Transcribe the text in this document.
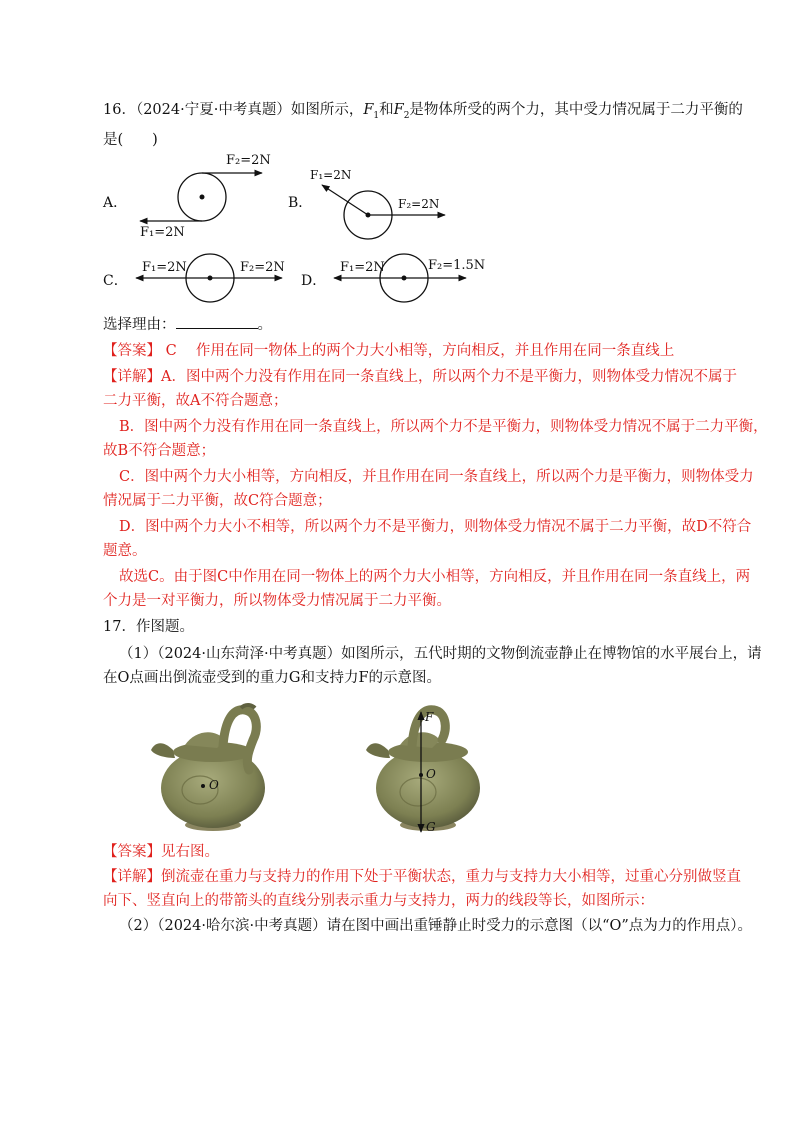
16．（2024·宁夏·中考真题）如图所示，$F_1$和$F_2$是物体所受的两个力，其中受力情况属于二力平衡的
是(　　)
A．
F₂=2N
F₁=2N
B．
F₁=2N
F₂=2N
C．
F₁=2N	F₂=2N
D．
F₁=2N	F₂=1.5N
选择理由：	。
【答案】 C　 作用在同一物体上的两个力大小相等，方向相反，并且作用在同一条直线上
【详解】A．图中两个力没有作用在同一条直线上，所以两个力不是平衡力，则物体受力情况不属于
二力平衡，故A不符合题意；
B．图中两个力没有作用在同一条直线上，所以两个力不是平衡力，则物体受力情况不属于二力平衡，
故B不符合题意；
C．图中两个力大小相等，方向相反，并且作用在同一条直线上，所以两个力是平衡力，则物体受力
情况属于二力平衡，故C符合题意；
D．图中两个力大小不相等，所以两个力不是平衡力，则物体受力情况不属于二力平衡，故D不符合
题意。
故选C。由于图C中作用在同一物体上的两个力大小相等，方向相反，并且作用在同一条直线上，两
个力是一对平衡力，所以物体受力情况属于二力平衡。
17．作图题。
（1）（2024·山东菏泽·中考真题）如图所示，五代时期的文物倒流壶静止在博物馆的水平展台上，请
在O点画出倒流壶受到的重力G和支持力F的示意图。
O
F
O
G
【答案】见右图。
【详解】倒流壶在重力与支持力的作用下处于平衡状态，重力与支持力大小相等，过重心分别做竖直
向下、竖直向上的带箭头的直线分别表示重力与支持力，两力的线段等长，如图所示：
（2）（2024·哈尔滨·中考真题）请在图中画出重锤静止时受力的示意图（以“O”点为力的作用点）。
